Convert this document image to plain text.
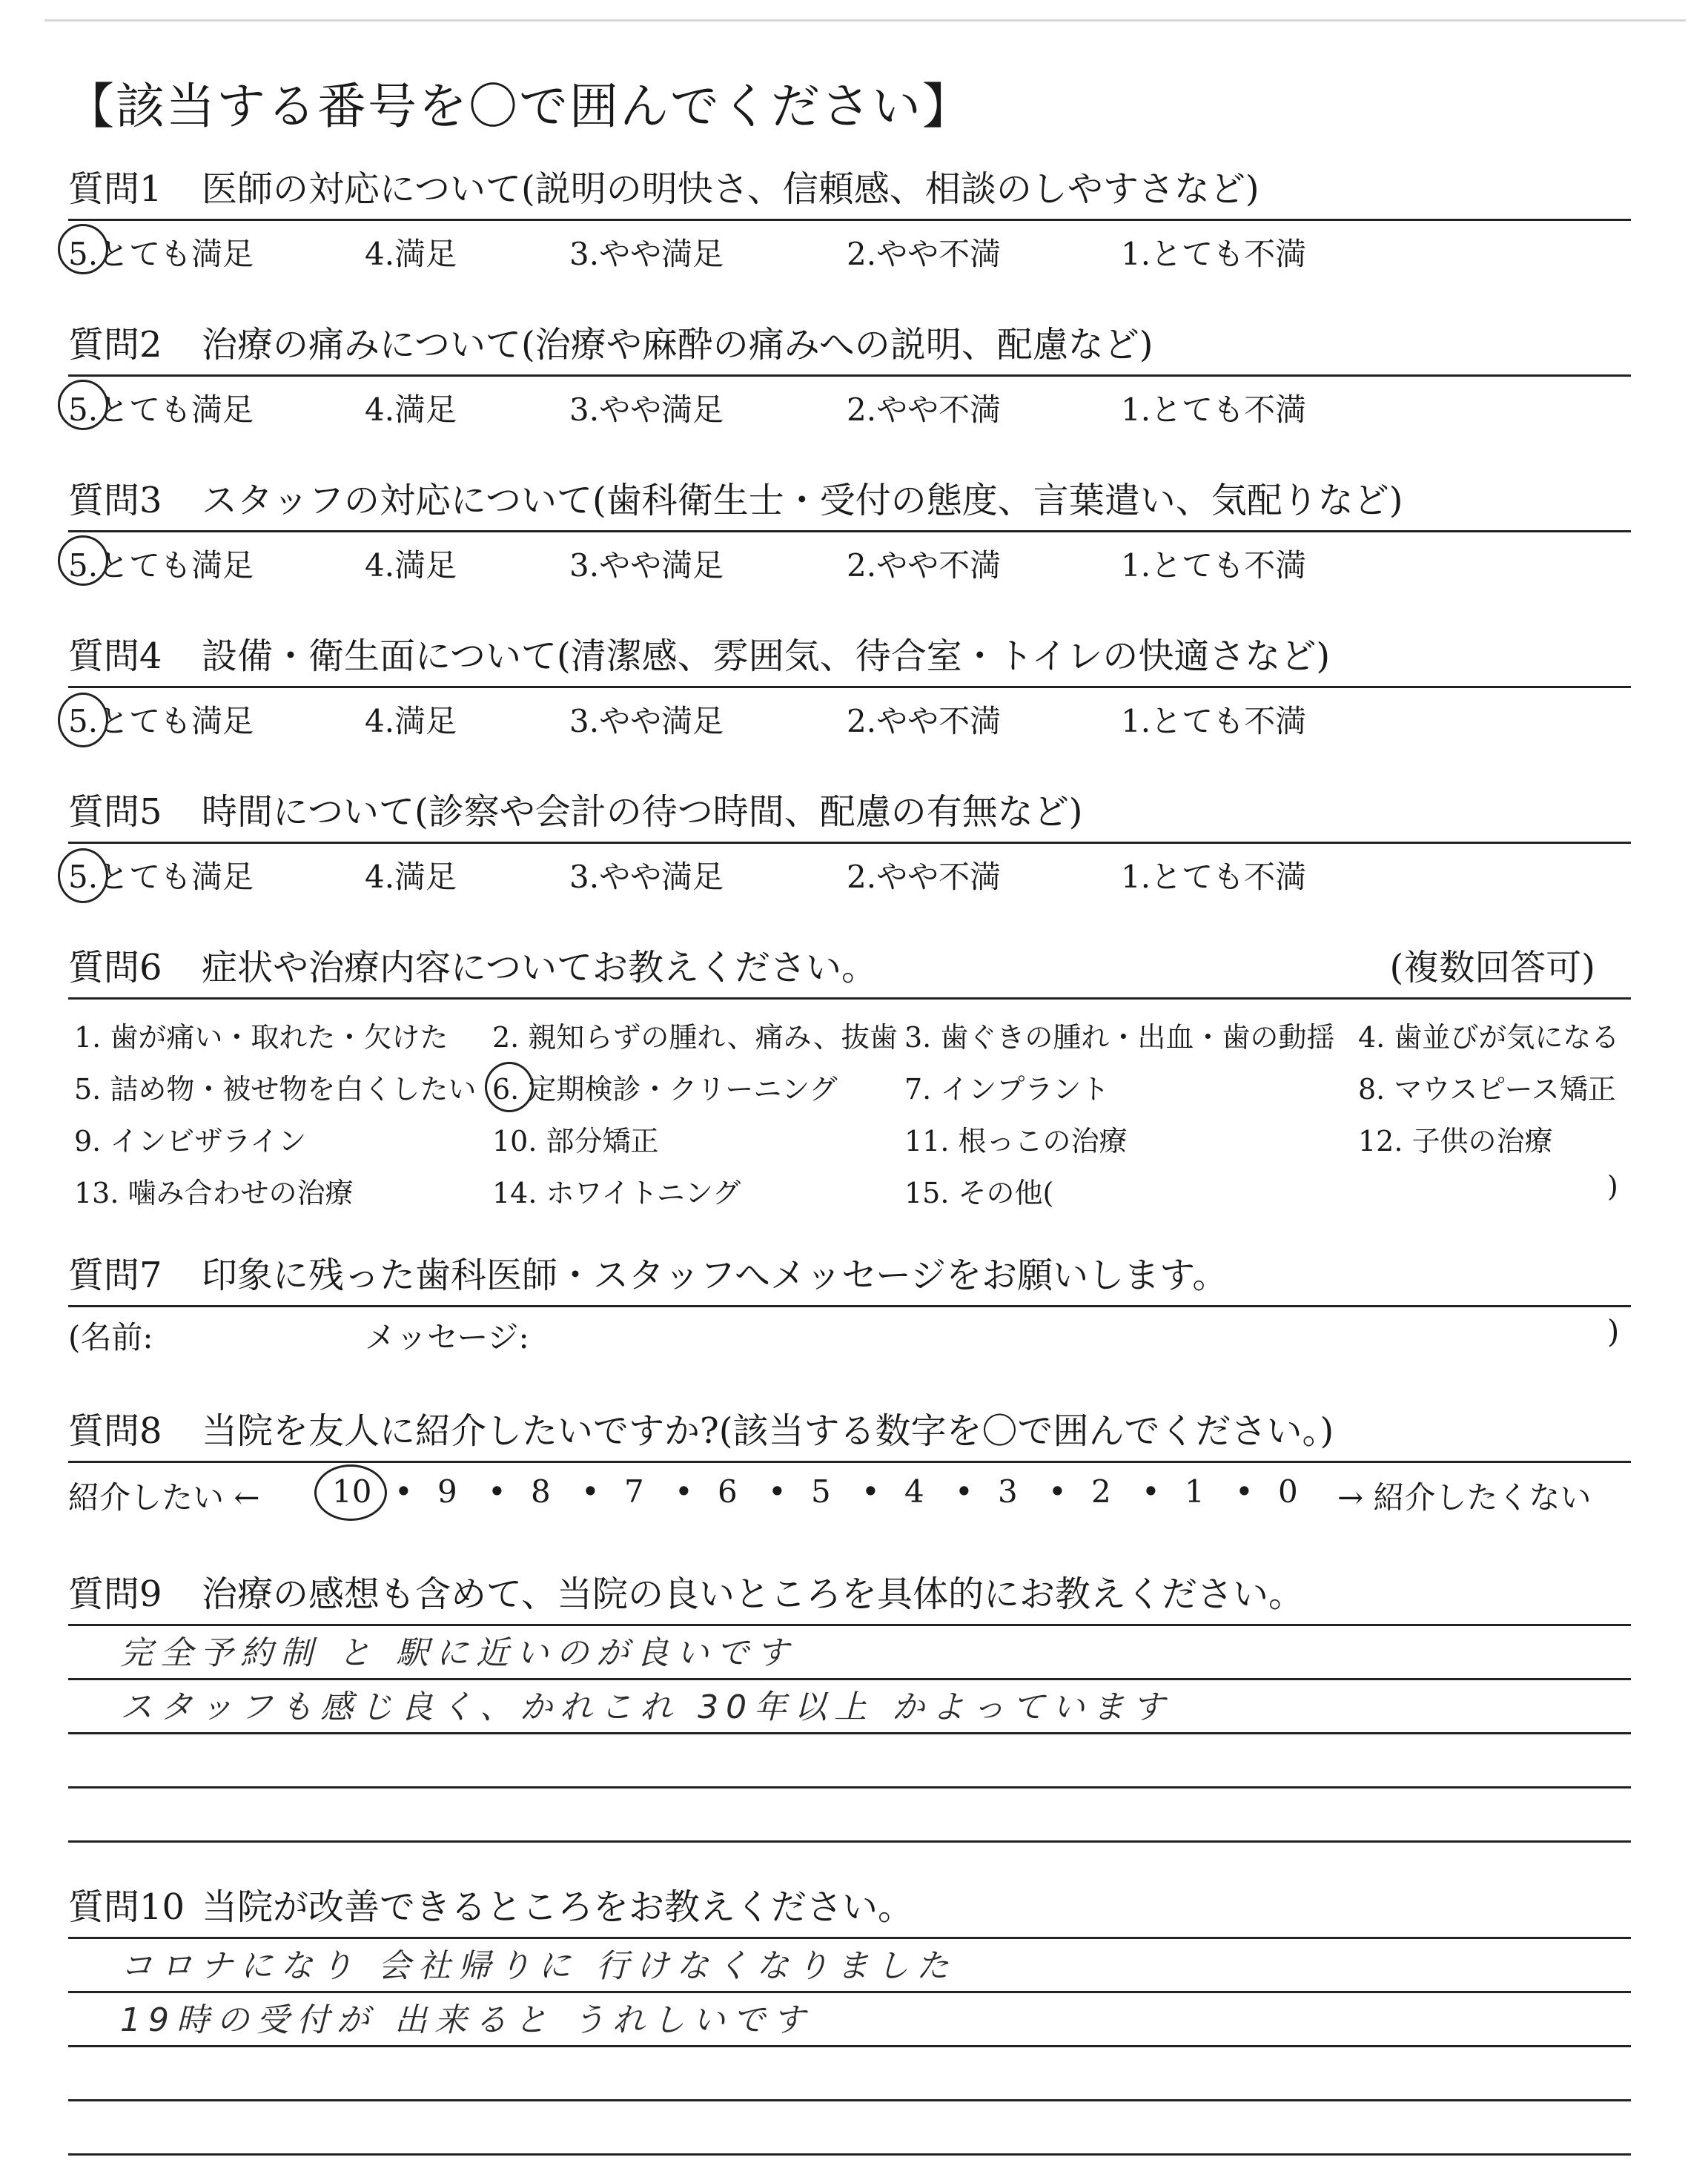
【該当する番号を〇で囲んでください】
質問1 医師の対応について(説明の明快さ、信頼感、相談のしやすさなど)
5.とても満足	4.満足	3.やや満足	2.やや不満	1.とても不満
質問2 治療の痛みについて(治療や麻酔の痛みへの説明、配慮など)
5.とても満足	4.満足	3.やや満足	2.やや不満	1.とても不満
質問3 スタッフの対応について(歯科衛生士・受付の態度、言葉遣い、気配りなど)
5.とても満足	4.満足	3.やや満足	2.やや不満	1.とても不満
質問4 設備・衛生面について(清潔感、雰囲気、待合室・トイレの快適さなど)
5.とても満足	4.満足	3.やや満足	2.やや不満	1.とても不満
質問5 時間について(診察や会計の待つ時間、配慮の有無など)
5.とても満足	4.満足	3.やや満足	2.やや不満	1.とても不満
質問6 症状や治療内容についてお教えください。	(複数回答可)
1. 歯が痛い・取れた・欠けた 2. 親知らずの腫れ、痛み、抜歯 3. 歯ぐきの腫れ・出血・歯の動揺 4. 歯並びが気になる
5. 詰め物・被せ物を白くしたい 6. 定期検診・クリーニング 7. インプラント	8. マウスピース矯正
9. インビザライン	10. 部分矯正	11. 根っこの治療	12. 子供の治療
13. 噛み合わせの治療	14. ホワイトニング	15. その他(	)
質問7 印象に残った歯科医師・スタッフへメッセージをお願いします。
(名前:	メッセージ:	)
質問8 当院を友人に紹介したいですか?(該当する数字を〇で囲んでください。)
紹介したい ← 10 • 9 • 8 • 7 • 6 • 5 • 4 • 3 • 2 • 1 • 0 → 紹介したくない
質問9 治療の感想も含めて、当院の良いところを具体的にお教えください。
完全予約制 と 駅に近いのが良いです
スタッフも感じ良く、かれこれ 30年以上 かよっています
質問10 当院が改善できるところをお教えください。
コロナになり 会社帰りに 行けなくなりました
19時の受付が 出来ると うれしいです
